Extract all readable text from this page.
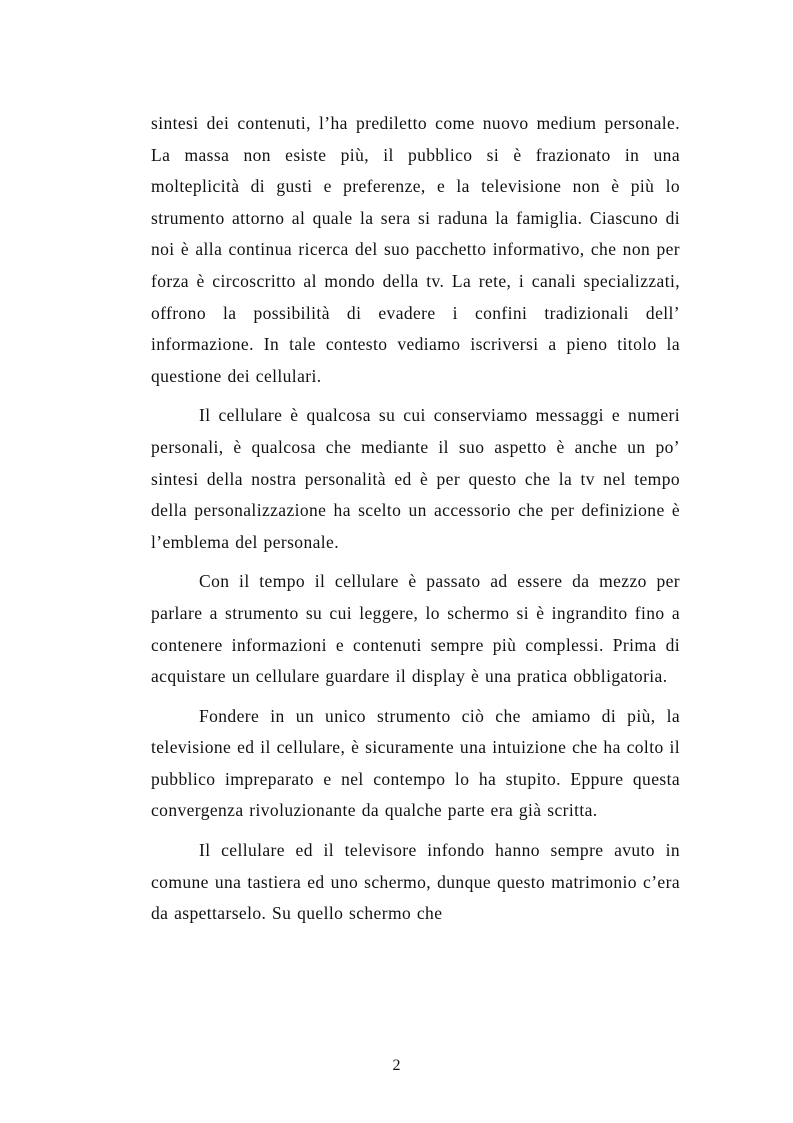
sintesi dei contenuti, l’ha prediletto come nuovo medium personale. La massa non esiste più, il pubblico si è frazionato in una molteplicità di gusti e preferenze, e la televisione non è più lo strumento attorno al quale la sera si raduna la famiglia. Ciascuno di noi è alla continua ricerca del suo pacchetto informativo, che non per forza è circoscritto al mondo della tv. La rete, i canali specializzati, offrono la possibilità di evadere i confini tradizionali dell’ informazione. In tale contesto vediamo iscriversi a pieno titolo la questione dei cellulari.

Il cellulare è qualcosa su cui conserviamo messaggi e numeri personali, è qualcosa che mediante il suo aspetto è anche un po’ sintesi della nostra personalità ed è per questo che la tv nel tempo della personalizzazione ha scelto un accessorio che per definizione è l’emblema del personale.

Con il tempo il cellulare è passato ad essere da mezzo per parlare a strumento su cui leggere, lo schermo si è ingrandito fino a contenere informazioni e contenuti sempre più complessi. Prima di acquistare un cellulare guardare il display è una pratica obbligatoria.

Fondere in un unico strumento ciò che amiamo di più, la televisione ed il cellulare, è sicuramente una intuizione che ha colto il pubblico impreparato e nel contempo lo ha stupito. Eppure questa convergenza rivoluzionante da qualche parte era già scritta.

Il cellulare ed il televisore infondo hanno sempre avuto in comune una tastiera ed uno schermo, dunque questo matrimonio c’era da aspettarselo. Su quello schermo che

2
